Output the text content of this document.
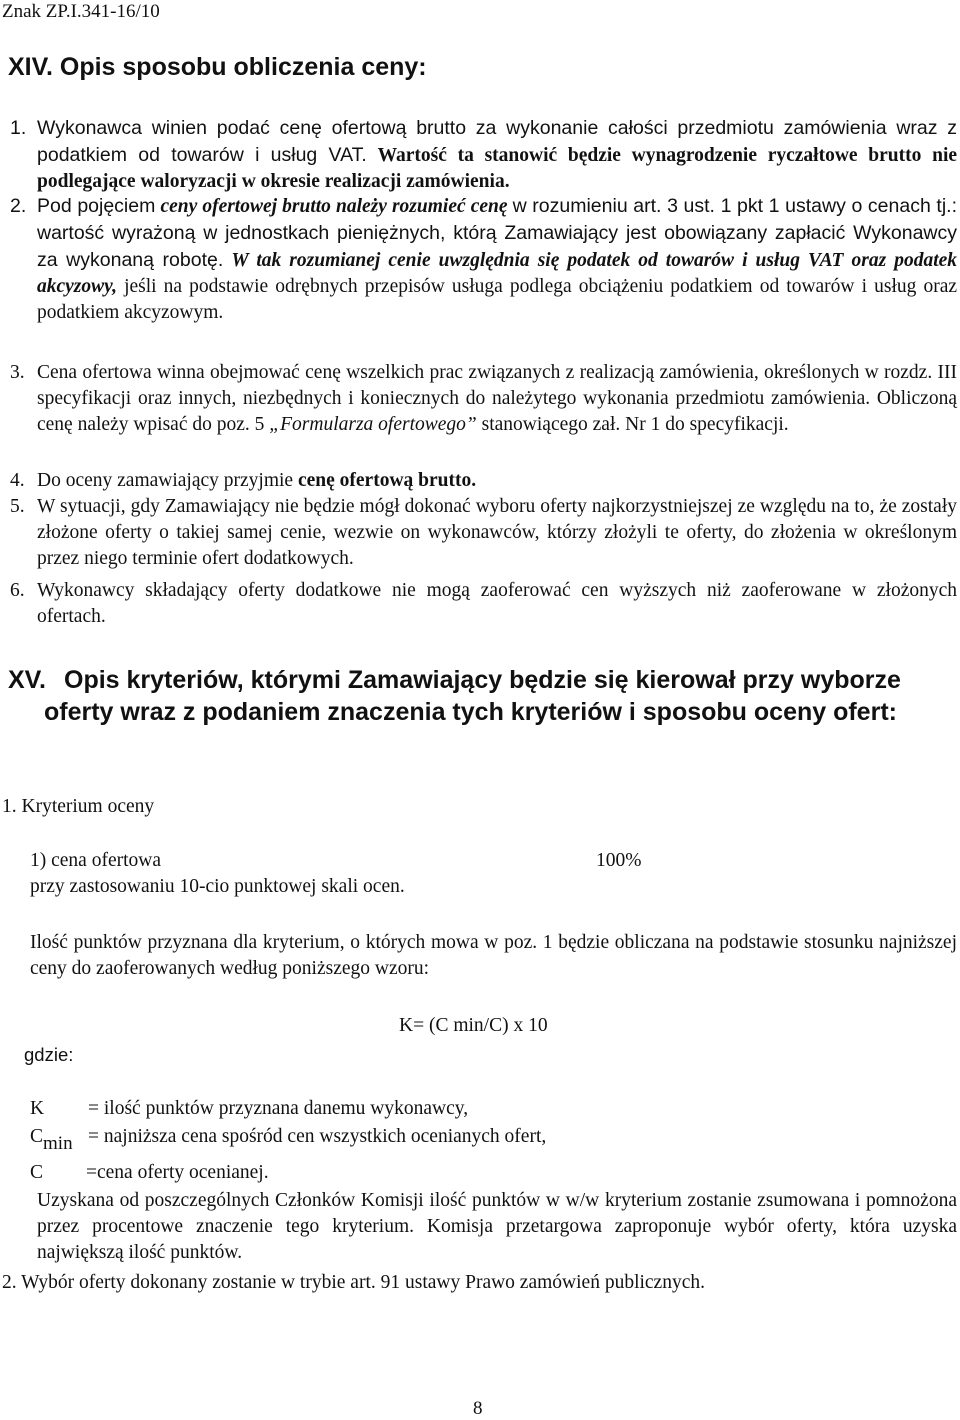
Znak ZP.I.341-16/10
XIV. Opis sposobu obliczenia ceny:
1. Wykonawca winien podać cenę ofertową brutto za wykonanie całości przedmiotu zamówienia wraz z podatkiem od towarów i usług VAT. Wartość ta stanowić będzie wynagrodzenie ryczałtowe brutto nie podlegające waloryzacji w okresie realizacji zamówienia.
2. Pod pojęciem ceny ofertowej brutto należy rozumieć cenę w rozumieniu art. 3 ust. 1 pkt 1 ustawy o cenach tj.: wartość wyrażoną w jednostkach pieniężnych, którą Zamawiający jest obowiązany zapłacić Wykonawcy za wykonaną robotę. W tak rozumianej cenie uwzględnia się podatek od towarów i usług VAT oraz podatek akcyzowy, jeśli na podstawie odrębnych przepisów usługa podlega obciążeniu podatkiem od towarów i usług oraz podatkiem akcyzowym.
3. Cena ofertowa winna obejmować cenę wszelkich prac związanych z realizacją zamówienia, określonych w rozdz. III specyfikacji oraz innych, niezbędnych i koniecznych do należytego wykonania przedmiotu zamówienia. Obliczoną cenę należy wpisać do poz. 5 „Formularza ofertowego” stanowiącego zał. Nr 1 do specyfikacji.
4. Do oceny zamawiający przyjmie cenę ofertową brutto.
5. W sytuacji, gdy Zamawiający nie będzie mógł dokonać wyboru oferty najkorzystniejszej ze względu na to, że zostały złożone oferty o takiej samej cenie, wezwie on wykonawców, którzy złożyli te oferty, do złożenia w określonym przez niego terminie ofert dodatkowych.
6. Wykonawcy składający oferty dodatkowe nie mogą zaoferować cen wyższych niż zaoferowane w złożonych ofertach.
XV. Opis kryteriów, którymi Zamawiający będzie się kierował przy wyborze oferty wraz z podaniem znaczenia tych kryteriów i sposobu oceny ofert:
1. Kryterium oceny
1) cena ofertowa	100%
przy zastosowaniu 10-cio punktowej skali ocen.
Ilość punktów przyznana dla kryterium, o których mowa w poz. 1 będzie obliczana na podstawie stosunku najniższej ceny do zaoferowanych według poniższego wzoru:
K= (C min/C) x 10
gdzie:
K = ilość punktów przyznana danemu wykonawcy,
Cmin = najniższa cena spośród cen wszystkich ocenianych ofert,
C =cena oferty ocenianej.
Uzyskana od poszczególnych Członków Komisji ilość punktów w w/w kryterium zostanie zsumowana i pomnożona przez procentowe znaczenie tego kryterium. Komisja przetargowa zaproponuje wybór oferty, która uzyska największą ilość punktów.
2. Wybór oferty dokonany zostanie w trybie art. 91 ustawy Prawo zamówień publicznych.
8
